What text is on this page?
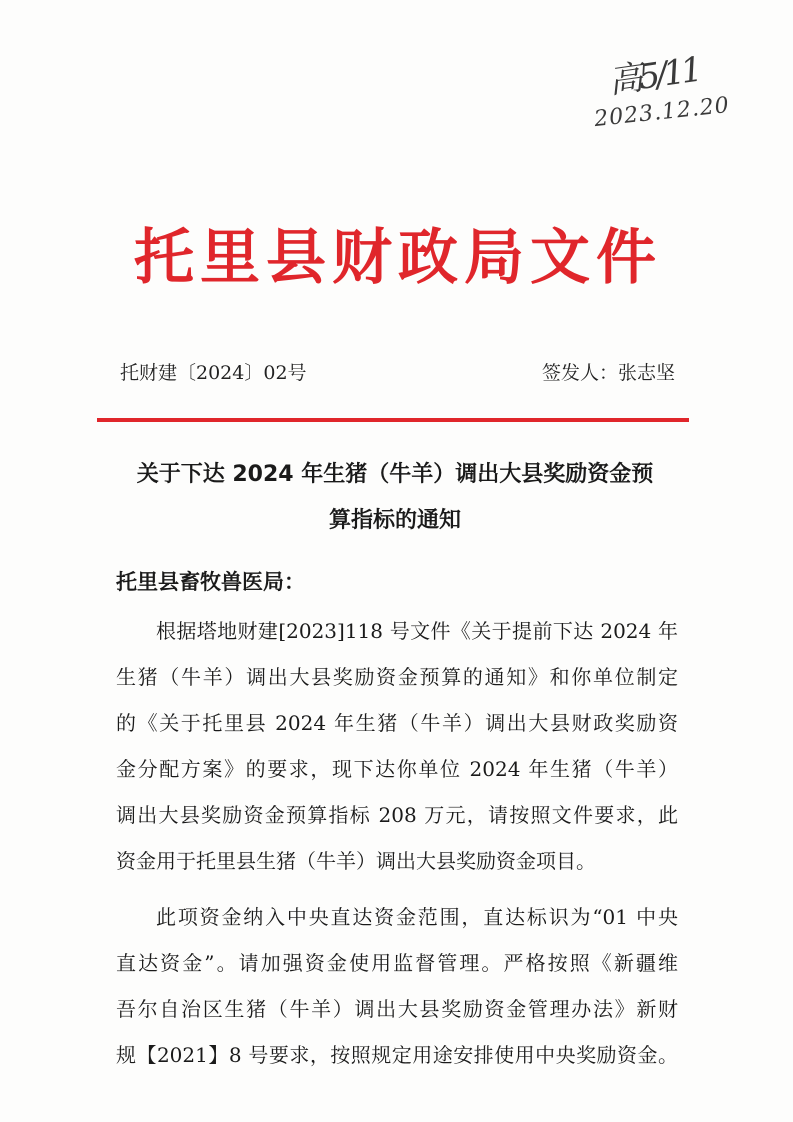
高5/11
2023.12.20
托里县财政局文件
托财建〔2024〕02号	签发人：张志坚
关于下达 2024 年生猪（牛羊）调出大县奖励资金预
算指标的通知
托里县畜牧兽医局：
根据塔地财建[2023]118 号文件《关于提前下达 2024 年
生猪（牛羊）调出大县奖励资金预算的通知》和你单位制定
的《关于托里县 2024 年生猪（牛羊）调出大县财政奖励资
金分配方案》的要求，现下达你单位 2024 年生猪（牛羊）
调出大县奖励资金预算指标 208 万元，请按照文件要求，此
资金用于托里县生猪（牛羊）调出大县奖励资金项目。
此项资金纳入中央直达资金范围，直达标识为“01 中央
直达资金”。请加强资金使用监督管理。严格按照《新疆维
吾尔自治区生猪（牛羊）调出大县奖励资金管理办法》新财
规【2021】8 号要求，按照规定用途安排使用中央奖励资金。
